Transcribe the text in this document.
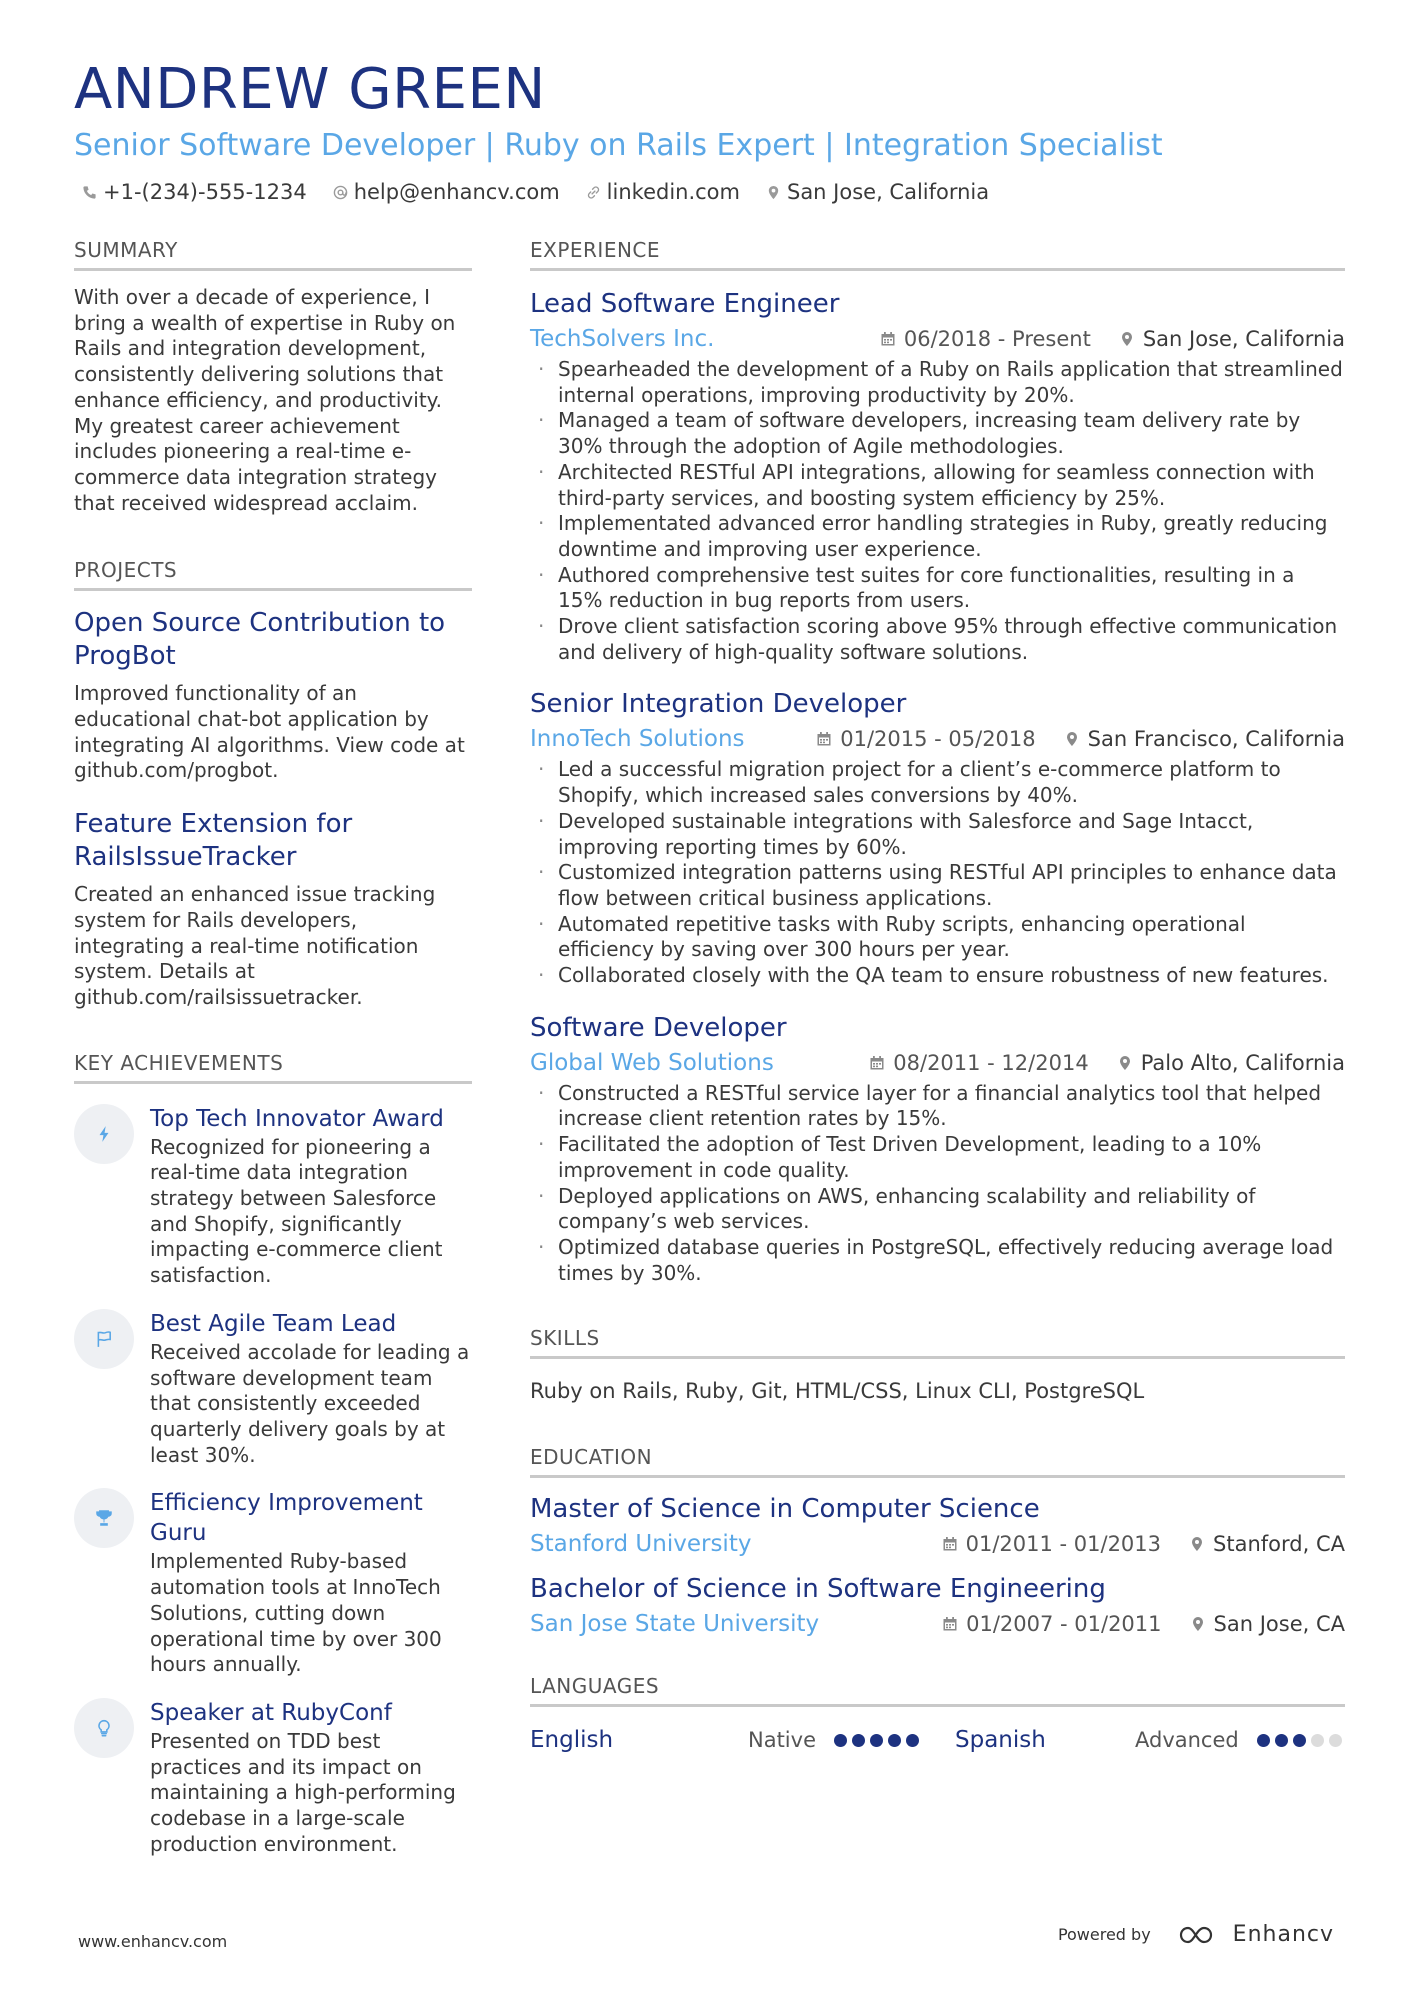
ANDREW GREEN
Senior Software Developer | Ruby on Rails Expert | Integration Specialist
+1-(234)-555-1234 help@enhancv.com linkedin.com San Jose, California
SUMMARY
With over a decade of experience, I bring a wealth of expertise in Ruby on Rails and integration development, consistently delivering solutions that enhance efficiency, and productivity. My greatest career achievement includes pioneering a real-time e-commerce data integration strategy that received widespread acclaim.
PROJECTS
Open Source Contribution to ProgBot
Improved functionality of an educational chat-bot application by integrating AI algorithms. View code at github.com/progbot.
Feature Extension for RailsIssueTracker
Created an enhanced issue tracking system for Rails developers, integrating a real-time notification system. Details at github.com/railsissuetracker.
KEY ACHIEVEMENTS
Top Tech Innovator Award
Recognized for pioneering a real-time data integration strategy between Salesforce and Shopify, significantly impacting e-commerce client satisfaction.
Best Agile Team Lead
Received accolade for leading a software development team that consistently exceeded quarterly delivery goals by at least 30%.
Efficiency Improvement Guru
Implemented Ruby-based automation tools at InnoTech Solutions, cutting down operational time by over 300 hours annually.
Speaker at RubyConf
Presented on TDD best practices and its impact on maintaining a high-performing codebase in a large-scale production environment.
EXPERIENCE
Lead Software Engineer
TechSolvers Inc.	06/2018 - Present San Jose, California
· Spearheaded the development of a Ruby on Rails application that streamlined internal operations, improving productivity by 20%.
· Managed a team of software developers, increasing team delivery rate by 30% through the adoption of Agile methodologies.
· Architected RESTful API integrations, allowing for seamless connection with third-party services, and boosting system efficiency by 25%.
· Implementated advanced error handling strategies in Ruby, greatly reducing downtime and improving user experience.
· Authored comprehensive test suites for core functionalities, resulting in a 15% reduction in bug reports from users.
· Drove client satisfaction scoring above 95% through effective communication and delivery of high-quality software solutions.
Senior Integration Developer
InnoTech Solutions	01/2015 - 05/2018 San Francisco, California
· Led a successful migration project for a client’s e-commerce platform to Shopify, which increased sales conversions by 40%.
· Developed sustainable integrations with Salesforce and Sage Intacct, improving reporting times by 60%.
· Customized integration patterns using RESTful API principles to enhance data flow between critical business applications.
· Automated repetitive tasks with Ruby scripts, enhancing operational efficiency by saving over 300 hours per year.
· Collaborated closely with the QA team to ensure robustness of new features.
Software Developer
Global Web Solutions	08/2011 - 12/2014 Palo Alto, California
· Constructed a RESTful service layer for a financial analytics tool that helped increase client retention rates by 15%.
· Facilitated the adoption of Test Driven Development, leading to a 10% improvement in code quality.
· Deployed applications on AWS, enhancing scalability and reliability of company’s web services.
· Optimized database queries in PostgreSQL, effectively reducing average load times by 30%.
SKILLS
Ruby on Rails, Ruby, Git, HTML/CSS, Linux CLI, PostgreSQL
EDUCATION
Master of Science in Computer Science
Stanford University	01/2011 - 01/2013 Stanford, CA
Bachelor of Science in Software Engineering
San Jose State University	01/2007 - 01/2011 San Jose, CA
LANGUAGES
English	Native	Spanish	Advanced
www.enhancv.com	Powered by	Enhancv
